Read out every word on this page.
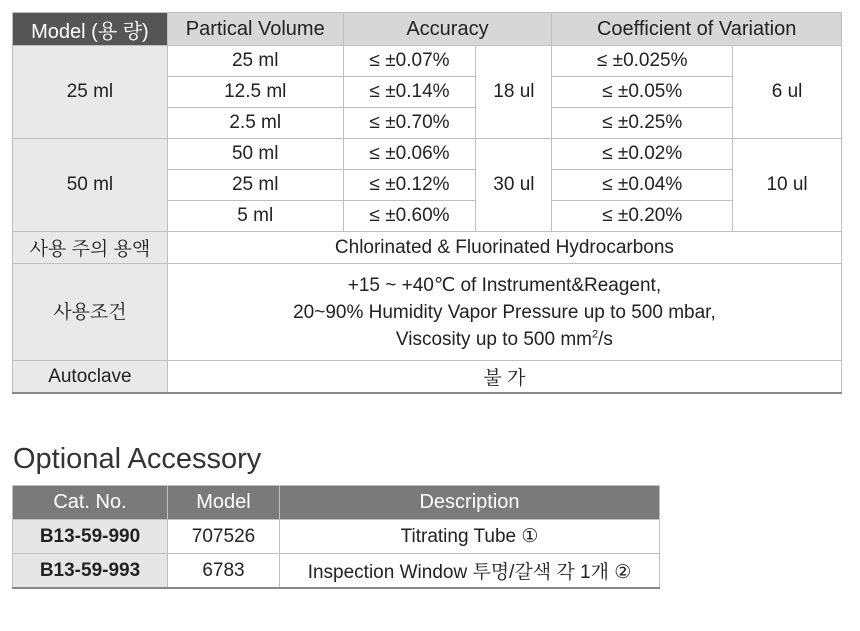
Model (용 량)	Partical Volume	Accuracy		Coefficient of Variation	
25 ml	25 ml	≤ ±0.07%	18 ul	≤ ±0.025%	6 ul
	12.5 ml	≤ ±0.14%		≤ ±0.05%	
	2.5 ml	≤ ±0.70%		≤ ±0.25%	
50 ml	50 ml	≤ ±0.06%	30 ul	≤ ±0.02%	10 ul
	25 ml	≤ ±0.12%		≤ ±0.04%	
	5 ml	≤ ±0.60%		≤ ±0.20%	
사용 주의 용액	Chlorinated & Fluorinated Hydrocarbons				
사용조건	+15 ~ +40℃ of Instrument&Reagent,
20~90% Humidity Vapor Pressure up to 500 mbar,
Viscosity up to 500 $mm^2/s$				

Autoclave	불 가				
Optional Accessory
Cat. No.	Model	Description
B13-59-990	707526	Titrating Tube ①
B13-59-993	6783	Inspection Window 투명/갈색 각 1개 ②
